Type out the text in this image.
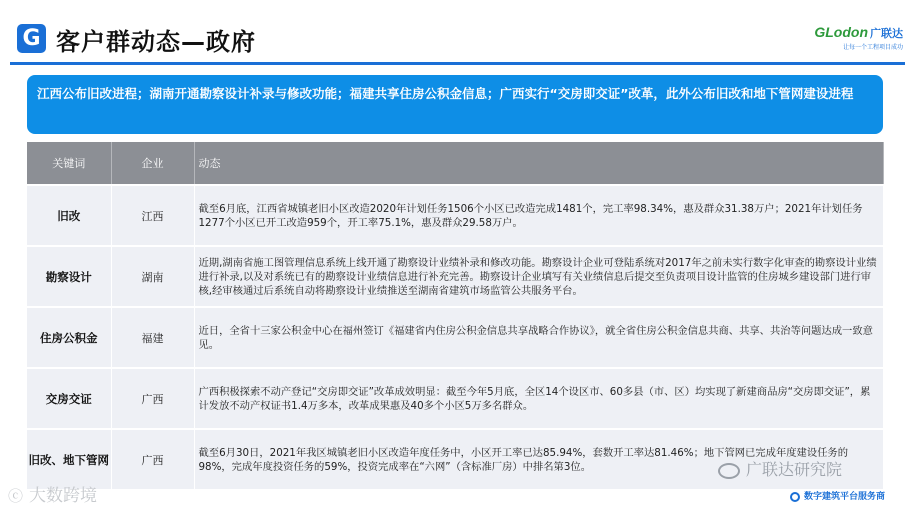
G 客户群动态—政府	GLodon 广联达
让每一个工程项目成功
江西公布旧改进程；湖南开通勘察设计补录与修改功能；福建共享住房公积金信息；广西实行“交房即交证”改革，此外公布旧改和地下管网建设进程
关键词	企业	动态
旧改	江西	截至6月底，江西省城镇老旧小区改造2020年计划任务1506个小区已改造完成1481个，完工率98.34%，惠及群众31.38万户；2021年计划任务1277个小区已开工改造959个，开工率75.1%，惠及群众29.58万户。
勘察设计	湖南	近期,湖南省施工图管理信息系统上线开通了勘察设计业绩补录和修改功能。勘察设计企业可登陆系统对2017年之前未实行数字化审查的勘察设计业绩进行补录,以及对系统已有的勘察设计业绩信息进行补充完善。勘察设计企业填写有关业绩信息后提交至负责项目设计监管的住房城乡建设部门进行审核,经审核通过后系统自动将勘察设计业绩推送至湖南省建筑市场监管公共服务平台。
住房公积金	福建	近日，全省十三家公积金中心在福州签订《福建省内住房公积金信息共享战略合作协议》，就全省住房公积金信息共商、共享、共治等问题达成一致意见。
交房交证	广西	广西积极探索不动产登记“交房即交证”改革成效明显：截至今年5月底，全区14个设区市、60多县（市、区）均实现了新建商品房“交房即交证”，累计发放不动产权证书1.4万多本，改革成果惠及40多个小区5万多名群众。
旧改、地下管网	广西	截至6月30日，2021年我区城镇老旧小区改造年度任务中，小区开工率已达85.94%，套数开工率达81.46%；地下管网已完成年度建设任务的98%，完成年度投资任务的59%，投资完成率在“六网”（含标准厂房）中排名第3位。	广联达研究院
数字建筑平台服务商
ⓒ 大数跨境
